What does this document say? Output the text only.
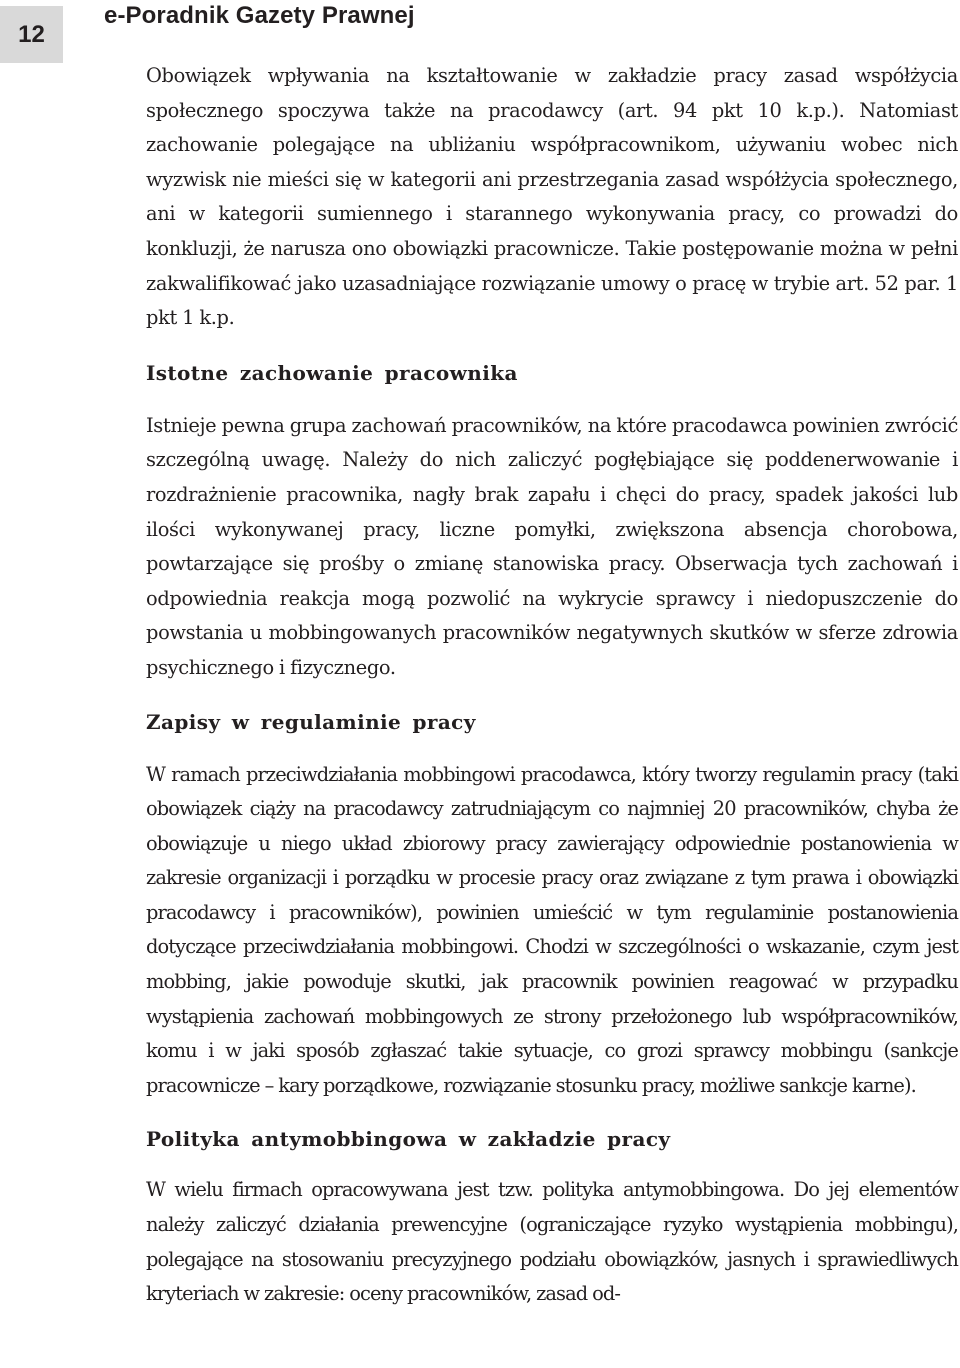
12
e-Poradnik Gazety Prawnej

Obowiązek wpływania na kształtowanie w zakładzie pracy zasad współżycia społecznego spoczywa także na pracodawcy (art. 94 pkt 10 k.p.). Natomiast zachowanie polegające na ubliżaniu współpracownikom, używaniu wobec nich wyzwisk nie mieści się w kategorii ani przestrzegania zasad współżycia społecznego, ani w kategorii sumiennego i starannego wykonywania pracy, co prowadzi do konkluzji, że narusza ono obowiązki pracownicze. Takie postępowanie można w pełni zakwalifikować jako uzasadniające rozwiązanie umowy o pracę w trybie art. 52 par. 1 pkt 1 k.p.

Istotne zachowanie pracownika

Istnieje pewna grupa zachowań pracowników, na które pracodawca powinien zwrócić szczególną uwagę. Należy do nich zaliczyć pogłębiające się poddenerwowanie i rozdrażnienie pracownika, nagły brak zapału i chęci do pracy, spadek jakości lub ilości wykonywanej pracy, liczne pomyłki, zwiększona absencja chorobowa, powtarzające się prośby o zmianę stanowiska pracy. Obserwacja tych zachowań i odpowiednia reakcja mogą pozwolić na wykrycie sprawcy i niedopuszczenie do powstania u mobbingowanych pracowników negatywnych skutków w sferze zdrowia psychicznego i fizycznego.

Zapisy w regulaminie pracy

W ramach przeciwdziałania mobbingowi pracodawca, który tworzy regulamin pracy (taki obowiązek ciąży na pracodawcy zatrudniającym co najmniej 20 pracowników, chyba że obowiązuje u niego układ zbiorowy pracy zawierający odpowiednie postanowienia w zakresie organizacji i porządku w procesie pracy oraz związane z tym prawa i obowiązki pracodawcy i pracowników), powinien umieścić w tym regulaminie postanowienia dotyczące przeciwdziałania mobbingowi. Chodzi w szczególności o wskazanie, czym jest mobbing, jakie powoduje skutki, jak pracownik powinien reagować w przypadku wystąpienia zachowań mobbingowych ze strony przełożonego lub współpracowników, komu i w jaki sposób zgłaszać takie sytuacje, co grozi sprawcy mobbingu (sankcje pracownicze – kary porządkowe, rozwiązanie stosunku pracy, możliwe sankcje karne).

Polityka antymobbingowa w zakładzie pracy

W wielu firmach opracowywana jest tzw. polityka antymobbingowa. Do jej elementów należy zaliczyć działania prewencyjne (ograniczające ryzyko wystąpienia mobbingu), polegające na stosowaniu precyzyjnego podziału obowiązków, jasnych i sprawiedliwych kryteriach w zakresie: oceny pracowników, zasad od-
